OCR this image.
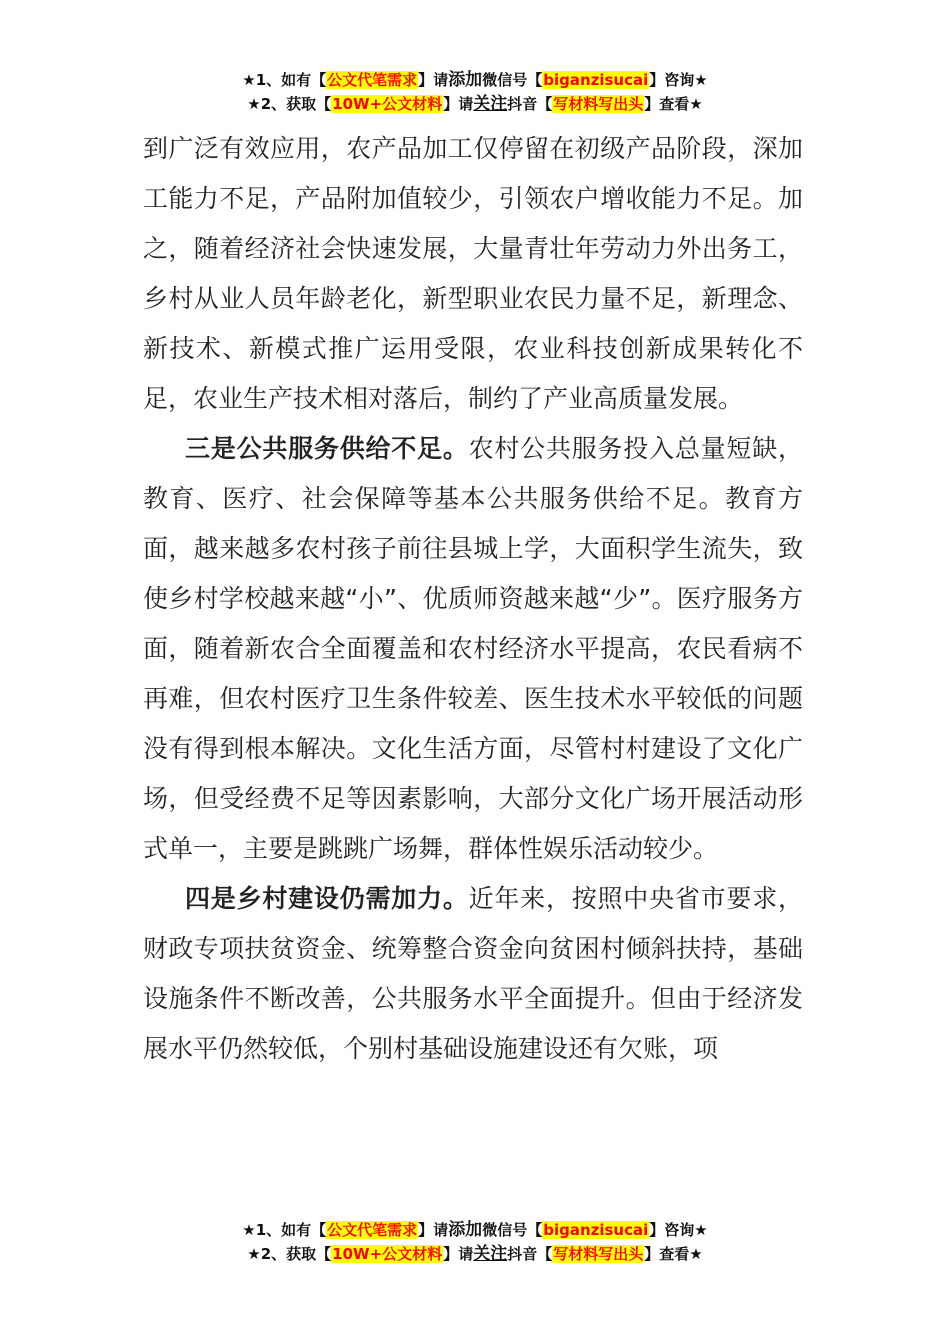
★1、如有【公文代笔需求】请添加微信号【biganzisucai】咨询★
★2、获取【10W+公文材料】请关注抖音【写材料写出头】查看★

到广泛有效应用，农产品加工仅停留在初级产品阶段，深加工能力不足，产品附加值较少，引领农户增收能力不足。加之，随着经济社会快速发展，大量青壮年劳动力外出务工，乡村从业人员年龄老化，新型职业农民力量不足，新理念、新技术、新模式推广运用受限，农业科技创新成果转化不足，农业生产技术相对落后，制约了产业高质量发展。

三是公共服务供给不足。农村公共服务投入总量短缺，教育、医疗、社会保障等基本公共服务供给不足。教育方面，越来越多农村孩子前往县城上学，大面积学生流失，致使乡村学校越来越“小”、优质师资越来越“少”。医疗服务方面，随着新农合全面覆盖和农村经济水平提高，农民看病不再难，但农村医疗卫生条件较差、医生技术水平较低的问题没有得到根本解决。文化生活方面，尽管村村建设了文化广场，但受经费不足等因素影响，大部分文化广场开展活动形式单一，主要是跳跳广场舞，群体性娱乐活动较少。

四是乡村建设仍需加力。近年来，按照中央省市要求，财政专项扶贫资金、统筹整合资金向贫困村倾斜扶持，基础设施条件不断改善，公共服务水平全面提升。但由于经济发展水平仍然较低，个别村基础设施建设还有欠账，项

★1、如有【公文代笔需求】请添加微信号【biganzisucai】咨询★
★2、获取【10W+公文材料】请关注抖音【写材料写出头】查看★
